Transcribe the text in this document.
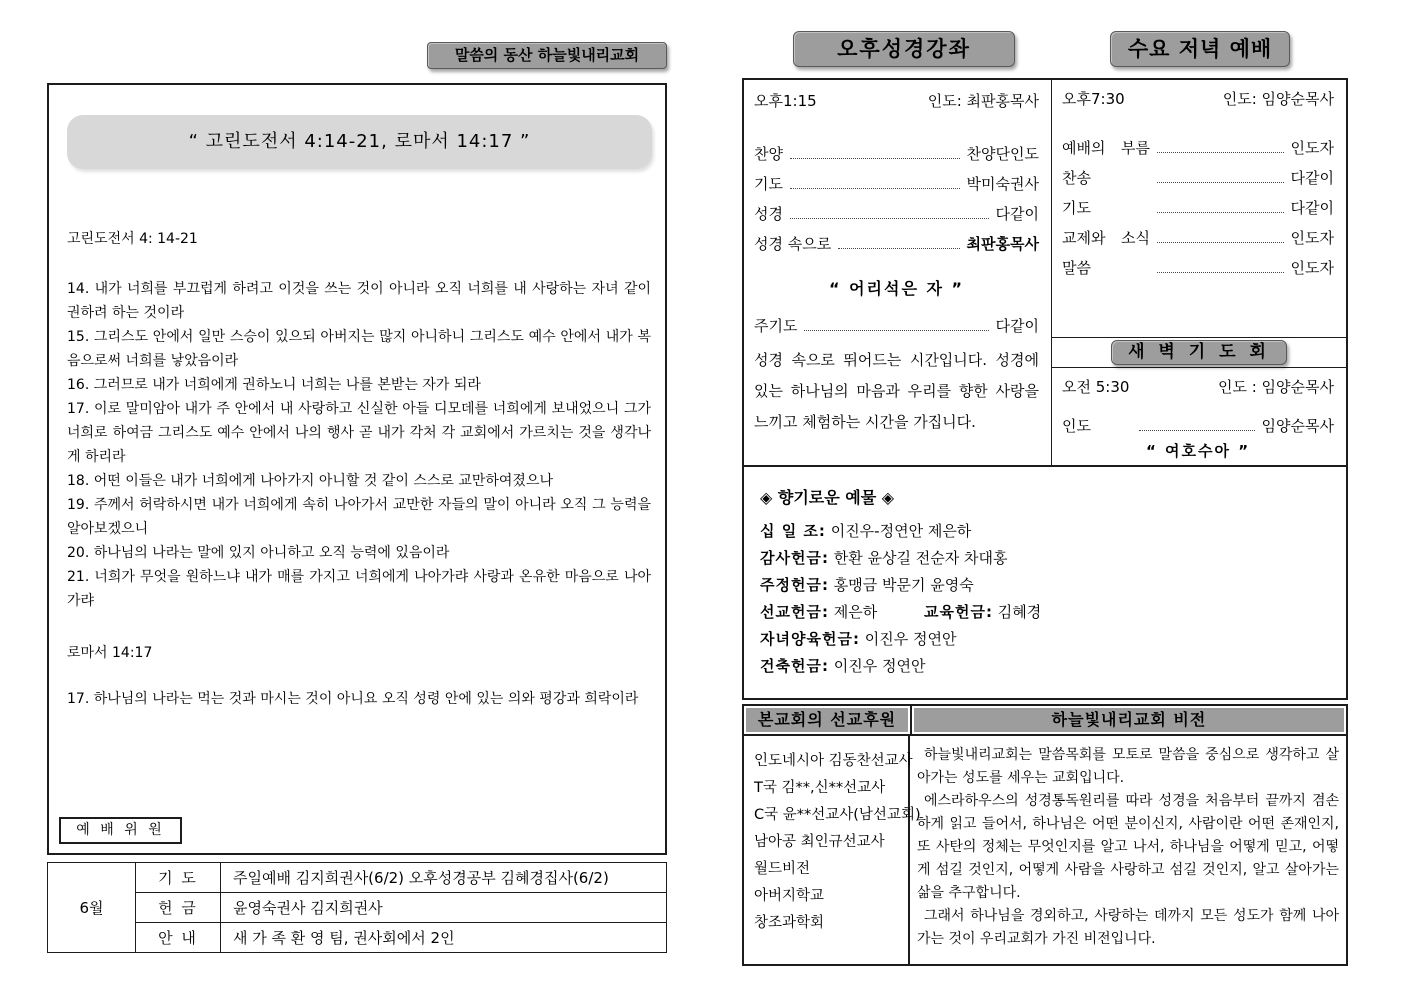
말씀의 동산 하늘빛내리교회
“ 고린도전서 4:14-21, 로마서 14:17 ”

고린도전서 4: 14-21

14. 내가 너희를 부끄럽게 하려고 이것을 쓰는 것이 아니라 오직 너희를 내 사랑하는 자녀 같이 권하려 하는 것이라

15. 그리스도 안에서 일만 스승이 있으되 아버지는 많지 아니하니 그리스도 예수 안에서 내가 복음으로써 너희를 낳았음이라

16. 그러므로 내가 너희에게 권하노니 너희는 나를 본받는 자가 되라

17. 이로 말미암아 내가 주 안에서 내 사랑하고 신실한 아들 디모데를 너희에게 보내었으니 그가 너희로 하여금 그리스도 예수 안에서 나의 행사 곧 내가 각처 각 교회에서 가르치는 것을 생각나게 하리라

18. 어떤 이들은 내가 너희에게 나아가지 아니할 것 같이 스스로 교만하여졌으나

19. 주께서 허락하시면 내가 너희에게 속히 나아가서 교만한 자들의 말이 아니라 오직 그 능력을 알아보겠으니

20. 하나님의 나라는 말에 있지 아니하고 오직 능력에 있음이라

21. 너희가 무엇을 원하느냐 내가 매를 가지고 너희에게 나아가랴 사랑과 온유한 마음으로 나아가랴

로마서 14:17

17. 하나님의 나라는 먹는 것과 마시는 것이 아니요 오직 성령 안에 있는 의와 평강과 희락이라

예 배 위 원
6월	기 도	주일예배 김지희권사(6/2) 오후성경공부 김혜경집사(6/2)
	헌 금	윤영숙권사 김지희권사
	안 내	새 가 족 환 영 팀, 권사회에서 2인
오후성경강좌	수요 저녁 예배
오후1:15	인도: 최판홍목사
찬양	찬양단인도
기도	박미숙권사
성경	다같이
성경 속으로	최판홍목사
“ 어리석은 자 ”
주기도	다같이

성경 속으로 뛰어드는 시간입니다. 성경에 있는 하나님의 마음과 우리를 향한 사랑을 느끼고 체험하는 시간을 가집니다.

오후7:30	인도: 임양순목사
예배의 부름	인도자
찬송	다같이
기도	다같이
교제와 소식	인도자
말씀	인도자
새 벽 기 도 회
오전 5:30	인도 : 임양순목사
인도	임양순목사
“ 여호수아 ”

◈ 향기로운 예물 ◈

십 일 조: 이진우-정연안 제은하

감사헌금: 한환 윤상길 전순자 차대홍

주정헌금: 홍맹금 박문기 윤영숙

선교헌금: 제은하	교육헌금: 김혜경

자녀양육헌금: 이진우 정연안

건축헌금: 이진우 정연안

본교회의 선교후원	하늘빛내리교회 비전
인도네시아 김동찬선교사
T국 김**,신**선교사
C국 윤**선교사(남선교회)
남아공 최인규선교사
월드비전
아버지학교
창조과학회

하늘빛내리교회는 말씀목회를 모토로 말씀을 중심으로 생각하고 살아가는 성도를 세우는 교회입니다.

에스라하우스의 성경통독원리를 따라 성경을 처음부터 끝까지 겸손하게 읽고 들어서, 하나님은 어떤 분이신지, 사람이란 어떤 존재인지, 또 사탄의 정체는 무엇인지를 알고 나서, 하나님을 어떻게 믿고, 어떻게 섬길 것인지, 어떻게 사람을 사랑하고 섬길 것인지, 알고 살아가는 삶을 추구합니다.

그래서 하나님을 경외하고, 사랑하는 데까지 모든 성도가 함께 나아가는 것이 우리교회가 가진 비전입니다.
